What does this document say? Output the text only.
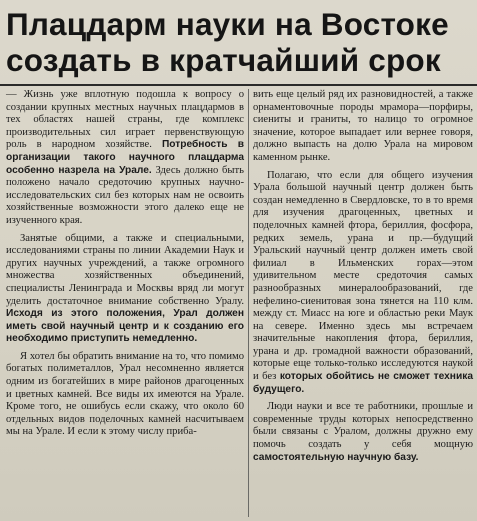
Плацдарм науки на Востоке
создать в кратчайший срок

— Жизнь уже вплотную подошла к вопросу о создании крупных местных научных плацдармов в тех областях нашей страны, где комплекс производительных сил играет первенствующую роль в народном хозяйстве. Потребность в организации такого научного плацдарма особенно назрела на Урале. Здесь должно быть положено начало средоточию крупных научно-исследовательских сил без которых нам не освоить хозяйственные возможности этого далеко еще не изученного края.

Занятые общими, а также и специальными, исследованиями страны по линии Академии Наук и других научных учреждений, а также огромного множества хозяйственных объединений, специалисты Ленинграда и Москвы вряд ли могут уделить достаточное внимание собственно Уралу. Исходя из этого положения, Урал должен иметь свой научный центр и к созданию его необходимо приступить немедленно.

Я хотел бы обратить внимание на то, что помимо богатых полиметаллов, Урал несомненно является одним из богатейших в мире районов драгоценных и цветных камней. Все виды их имеются на Урале. Кроме того, не ошибусь если скажу, что около 60 отдельных видов поделочных камней насчитываем мы на Урале. И если к этому числу приба-

вить еще целый ряд их разновидностей, а также орнаментовочные породы мрамора—порфиры, сиениты и граниты, то налицо то огромное значение, которое выпадает или вернее говоря, должно выпасть на долю Урала на мировом каменном рынке.

Полагаю, что если для общего изучения Урала большой научный центр должен быть создан немедленно в Свердловске, то в то время для изучения драгоценных, цветных и поделочных камней фтора, бериллия, фосфора, редких земель, урана и пр.—будущий Уральский научный центр должен иметь свой филиал в Ильменских горах—этом удивительном месте средоточия самых разнообразных минералообразований, где нефелино-сиенитовая зона тянется на 110 клм. между ст. Миасс на юге и областью реки Маук на севере. Именно здесь мы встречаем значительные накопления фтора, бериллия, урана и др. громадной важности образований, которые еще только-только исследуются наукой и без которых обойтись не сможет техника будущего.

Люди науки и все те работники, прошлые и современные труды которых непосредственно были связаны с Уралом, должны дружно ему помочь создать у себя мощную самостоятельную научную базу.
